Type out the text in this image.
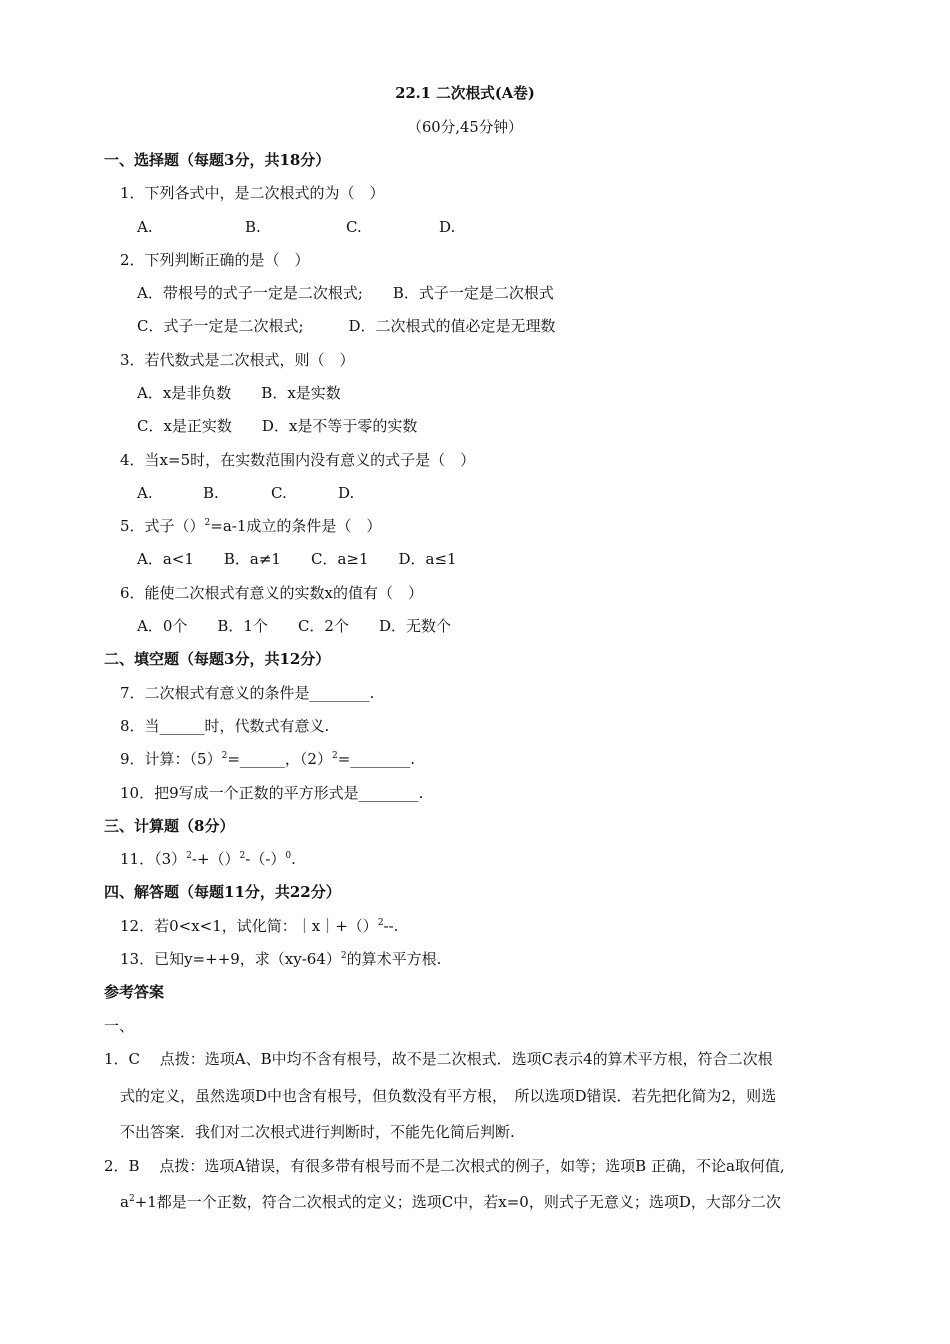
22.1 二次根式(A卷)
（60分,45分钟）
一、选择题（每题3分，共18分）
1．下列各式中，是二次根式的为（　）
A.	B.	C.	D.
2．下列判断正确的是（　）
A．带根号的式子一定是二次根式;　　B．式子一定是二次根式
C．式子一定是二次根式;　　　D．二次根式的值必定是无理数
3．若代数式是二次根式，则（　）
A．x是非负数　　B．x是实数
C．x是正实数　　D．x是不等于零的实数
4．当x=5时，在实数范围内没有意义的式子是（　）
A.	B.	C.	D.
5．式子（）$^2$=a-1成立的条件是（　）
A．a<1　　B．a≠1　　C．a≥1　　D．a≤1
6．能使二次根式有意义的实数x的值有（　）
A．0个　　B．1个　　C．2个　　D．无数个
二、填空题（每题3分，共12分）
7．二次根式有意义的条件是________.
8．当______时，代数式有意义.
9．计算：$(5)^2=\_\_\_\_\_\_$，$(2)^2=\_\_\_\_\_\_\_\_$.
10．把9写成一个正数的平方形式是________.
三、计算题（8分）
11．$(3)^2-+()^2-(-)^0$.
四、解答题（每题11分，共22分）
12．若0<x<1，试化简：｜x｜+（）$^2$--.
13．已知y=++9，求$(xy-64)^2$的算术平方根.
参考答案
一、
1．C　 点拨：选项A、B中均不含有根号，故不是二次根式．选项C表示4的算术平方根，符合二次根
式的定义，虽然选项D中也含有根号，但负数没有平方根，　所以选项D错误．若先把化简为2，则选
不出答案．我们对二次根式进行判断时，不能先化简后判断.
2．B　 点拨：选项A错误，有很多带有根号而不是二次根式的例子，如等；选项B 正确，不论a取何值,
$a^2+1$都是一个正数，符合二次根式的定义；选项C中，若x=0，则式子无意义；选项D，大部分二次
